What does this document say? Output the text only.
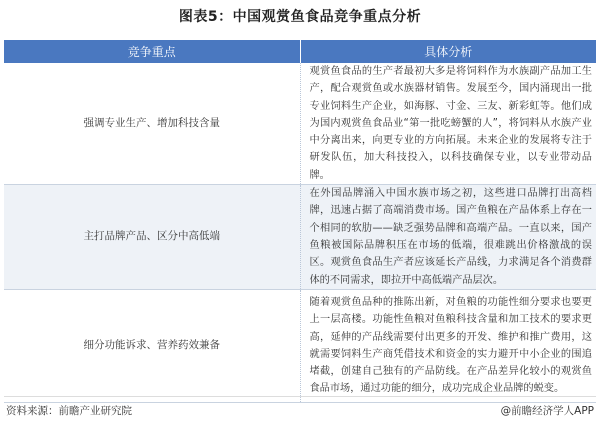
图表5：中国观赏鱼食品竞争重点分析
竞争重点	具体分析
强调专业生产、增加科技含量	观赏鱼食品的生产者最初大多是将饲料作为水族副产品加工生产，配合观赏鱼或水族器材销售。发展至今，国内涌现出一批专业饲料生产企业，如海豚、寸金、三友、新彩虹等。他们成为国内观赏鱼食品业“第一批吃螃蟹的人”，将饲料从水族产业中分离出来，向更专业的方向拓展。未来企业的发展将专注于研发队伍，加大科技投入，以科技确保专业，以专业带动品牌。
主打品牌产品、区分中高低端	在外国品牌涌入中国水族市场之初，这些进口品牌打出高档牌，迅速占据了高端消费市场。国产鱼粮在产品体系上存在一个相同的软肋——缺乏强势品牌和高端产品。一直以来，国产鱼粮被国际品牌积压在市场的低端，很难跳出价格激战的误区。观赏鱼食品生产者应该延长产品线，力求满足各个消费群体的不同需求，即拉开中高低端产品层次。
细分功能诉求、营养药效兼备	随着观赏鱼品种的推陈出新，对鱼粮的功能性细分要求也要更上一层高楼。功能性鱼粮对鱼粮科技含量和加工技术的要求更高，延伸的产品线需要付出更多的开发、维护和推广费用，这就需要饲料生产商凭借技术和资金的实力避开中小企业的围追堵截，创建自己独有的产品防线。在产品差异化较小的观赏鱼食品市场，通过功能的细分，成功完成企业品牌的蜕变。
资料来源：前瞻产业研究院	@前瞻经济学人APP
